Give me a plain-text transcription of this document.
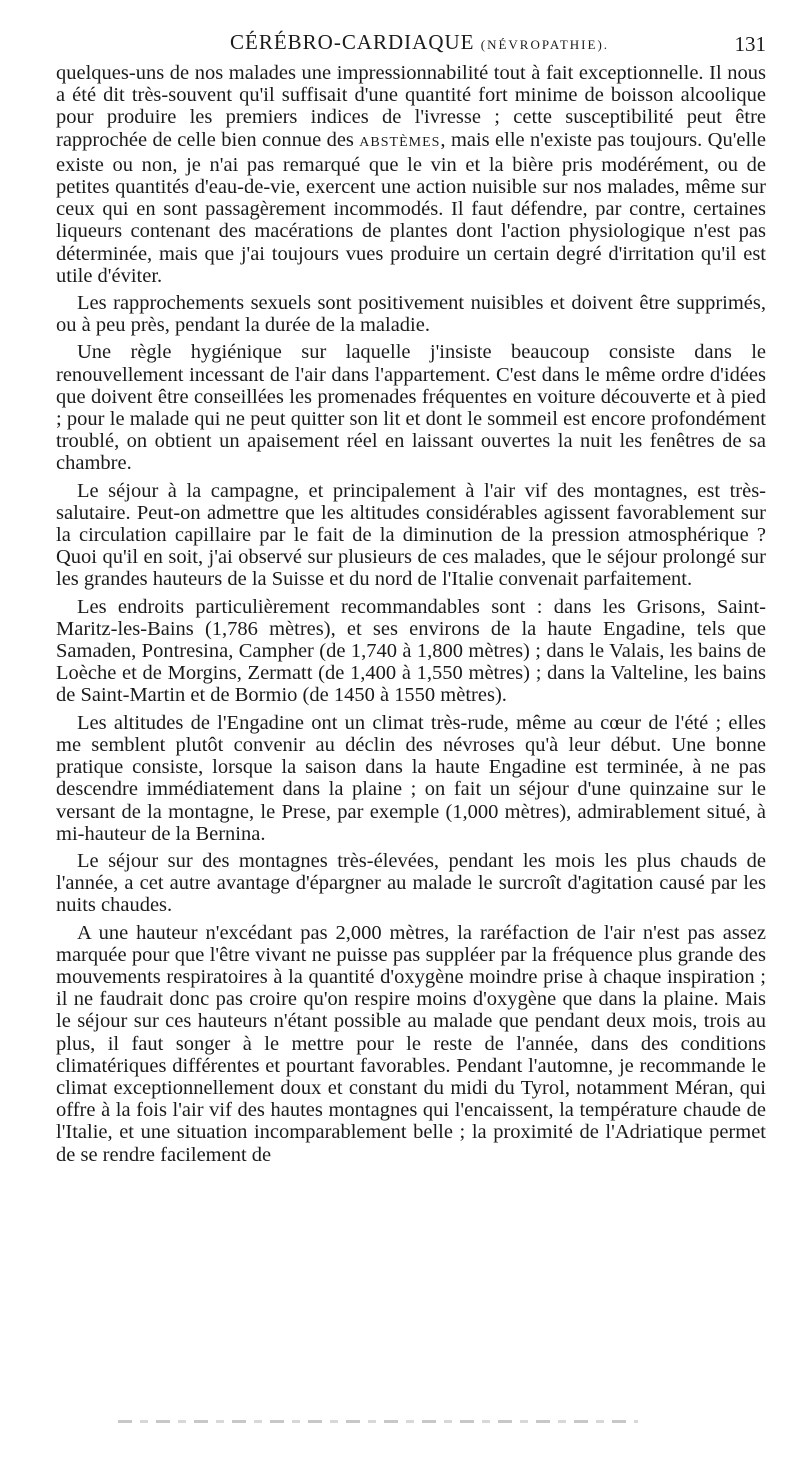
CÉRÉBRO-CARDIAQUE (NÉVROPATHIE).	131

quelques-uns de nos malades une impressionnabilité tout à fait exceptionnelle. Il nous a été dit très-souvent qu'il suffisait d'une quantité fort minime de boisson alcoolique pour produire les premiers indices de l'ivresse ; cette susceptibilité peut être rapprochée de celle bien connue des ABSTÈMES, mais elle n'existe pas toujours. Qu'elle existe ou non, je n'ai pas remarqué que le vin et la bière pris modérément, ou de petites quantités d'eau-de-vie, exercent une action nuisible sur nos malades, même sur ceux qui en sont passagèrement incommodés. Il faut défendre, par contre, certaines liqueurs contenant des macérations de plantes dont l'action physiologique n'est pas déterminée, mais que j'ai toujours vues produire un certain degré d'irritation qu'il est utile d'éviter.

Les rapprochements sexuels sont positivement nuisibles et doivent être supprimés, ou à peu près, pendant la durée de la maladie.

Une règle hygiénique sur laquelle j'insiste beaucoup consiste dans le renouvellement incessant de l'air dans l'appartement. C'est dans le même ordre d'idées que doivent être conseillées les promenades fréquentes en voiture découverte et à pied ; pour le malade qui ne peut quitter son lit et dont le sommeil est encore profondément troublé, on obtient un apaisement réel en laissant ouvertes la nuit les fenêtres de sa chambre.

Le séjour à la campagne, et principalement à l'air vif des montagnes, est très-salutaire. Peut-on admettre que les altitudes considérables agissent favorablement sur la circulation capillaire par le fait de la diminution de la pression atmosphérique ? Quoi qu'il en soit, j'ai observé sur plusieurs de ces malades, que le séjour prolongé sur les grandes hauteurs de la Suisse et du nord de l'Italie convenait parfaitement.

Les endroits particulièrement recommandables sont : dans les Grisons, Saint-Maritz-les-Bains (1,786 mètres), et ses environs de la haute Engadine, tels que Samaden, Pontresina, Campher (de 1,740 à 1,800 mètres) ; dans le Valais, les bains de Loèche et de Morgins, Zermatt (de 1,400 à 1,550 mètres) ; dans la Valteline, les bains de Saint-Martin et de Bormio (de 1450 à 1550 mètres).

Les altitudes de l'Engadine ont un climat très-rude, même au cœur de l'été ; elles me semblent plutôt convenir au déclin des névroses qu'à leur début. Une bonne pratique consiste, lorsque la saison dans la haute Engadine est terminée, à ne pas descendre immédiatement dans la plaine ; on fait un séjour d'une quinzaine sur le versant de la montagne, le Prese, par exemple (1,000 mètres), admirablement situé, à mi-hauteur de la Bernina.

Le séjour sur des montagnes très-élevées, pendant les mois les plus chauds de l'année, a cet autre avantage d'épargner au malade le surcroît d'agitation causé par les nuits chaudes.

A une hauteur n'excédant pas 2,000 mètres, la raréfaction de l'air n'est pas assez marquée pour que l'être vivant ne puisse pas suppléer par la fréquence plus grande des mouvements respiratoires à la quantité d'oxygène moindre prise à chaque inspiration ; il ne faudrait donc pas croire qu'on respire moins d'oxygène que dans la plaine. Mais le séjour sur ces hauteurs n'étant possible au malade que pendant deux mois, trois au plus, il faut songer à le mettre pour le reste de l'année, dans des conditions climatériques différentes et pourtant favorables. Pendant l'automne, je recommande le climat exceptionnellement doux et constant du midi du Tyrol, notamment Méran, qui offre à la fois l'air vif des hautes montagnes qui l'encaissent, la température chaude de l'Italie, et une situation incomparablement belle ; la proximité de l'Adriatique permet de se rendre facilement de
